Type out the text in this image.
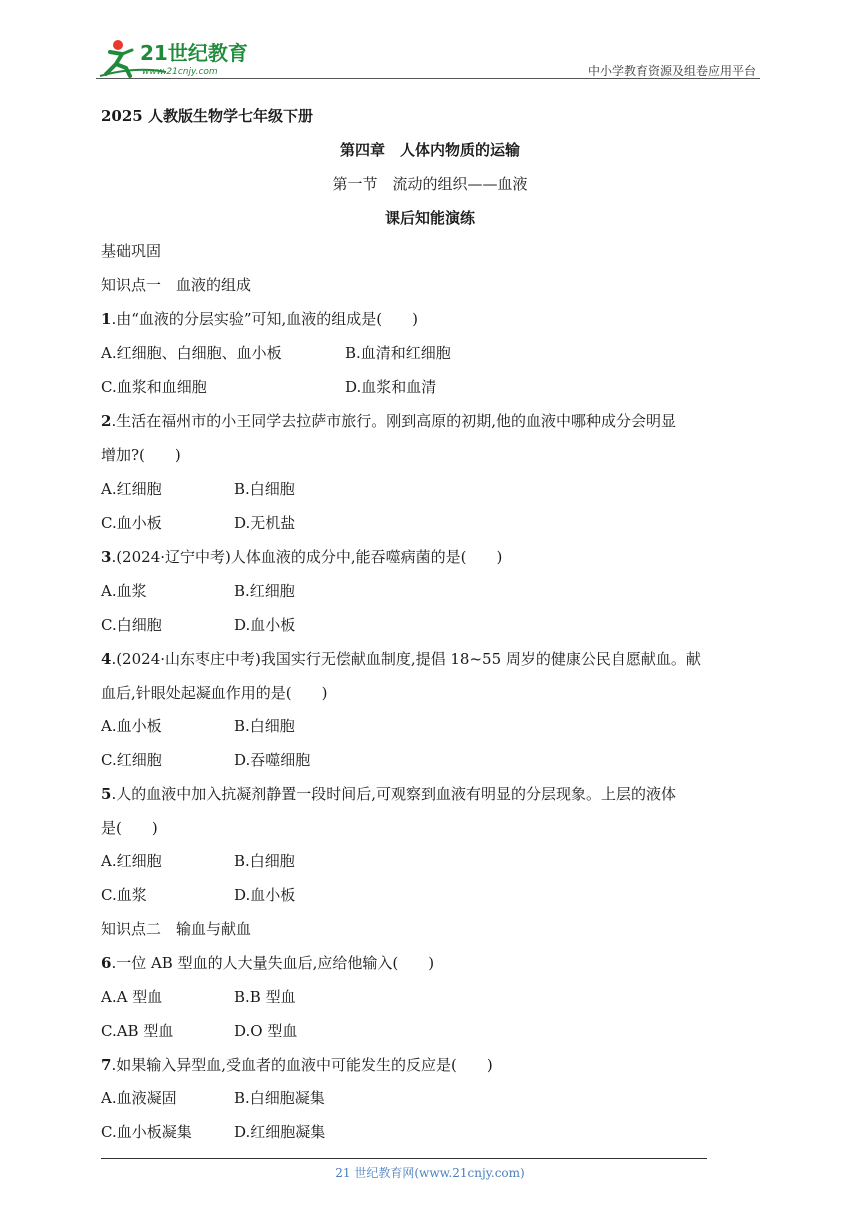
21世纪教育
www.21cnjy.com	中小学教育资源及组卷应用平台
2025 人教版生物学七年级下册
第四章　人体内物质的运输
第一节　流动的组织——血液
课后知能演练
基础巩固
知识点一　血液的组成
1.由“血液的分层实验”可知,血液的组成是(　　)
A.红细胞、白细胞、血小板	B.血清和红细胞
C.血浆和血细胞	D.血浆和血清
2.生活在福州市的小王同学去拉萨市旅行。刚到高原的初期,他的血液中哪种成分会明显
增加?(　　)
A.红细胞	B.白细胞
C.血小板	D.无机盐
3.(2024·辽宁中考)人体血液的成分中,能吞噬病菌的是(　　)
A.血浆	B.红细胞
C.白细胞	D.血小板
4.(2024·山东枣庄中考)我国实行无偿献血制度,提倡 18~55 周岁的健康公民自愿献血。献
血后,针眼处起凝血作用的是(　　)
A.血小板	B.白细胞
C.红细胞	D.吞噬细胞
5.人的血液中加入抗凝剂静置一段时间后,可观察到血液有明显的分层现象。上层的液体
是(　　)
A.红细胞	B.白细胞
C.血浆	D.血小板
知识点二　输血与献血
6.一位 AB 型血的人大量失血后,应给他输入(　　)
A.A 型血	B.B 型血
C.AB 型血	D.O 型血
7.如果输入异型血,受血者的血液中可能发生的反应是(　　)
A.血液凝固	B.白细胞凝集
C.血小板凝集	D.红细胞凝集
21 世纪教育网(www.21cnjy.com)
